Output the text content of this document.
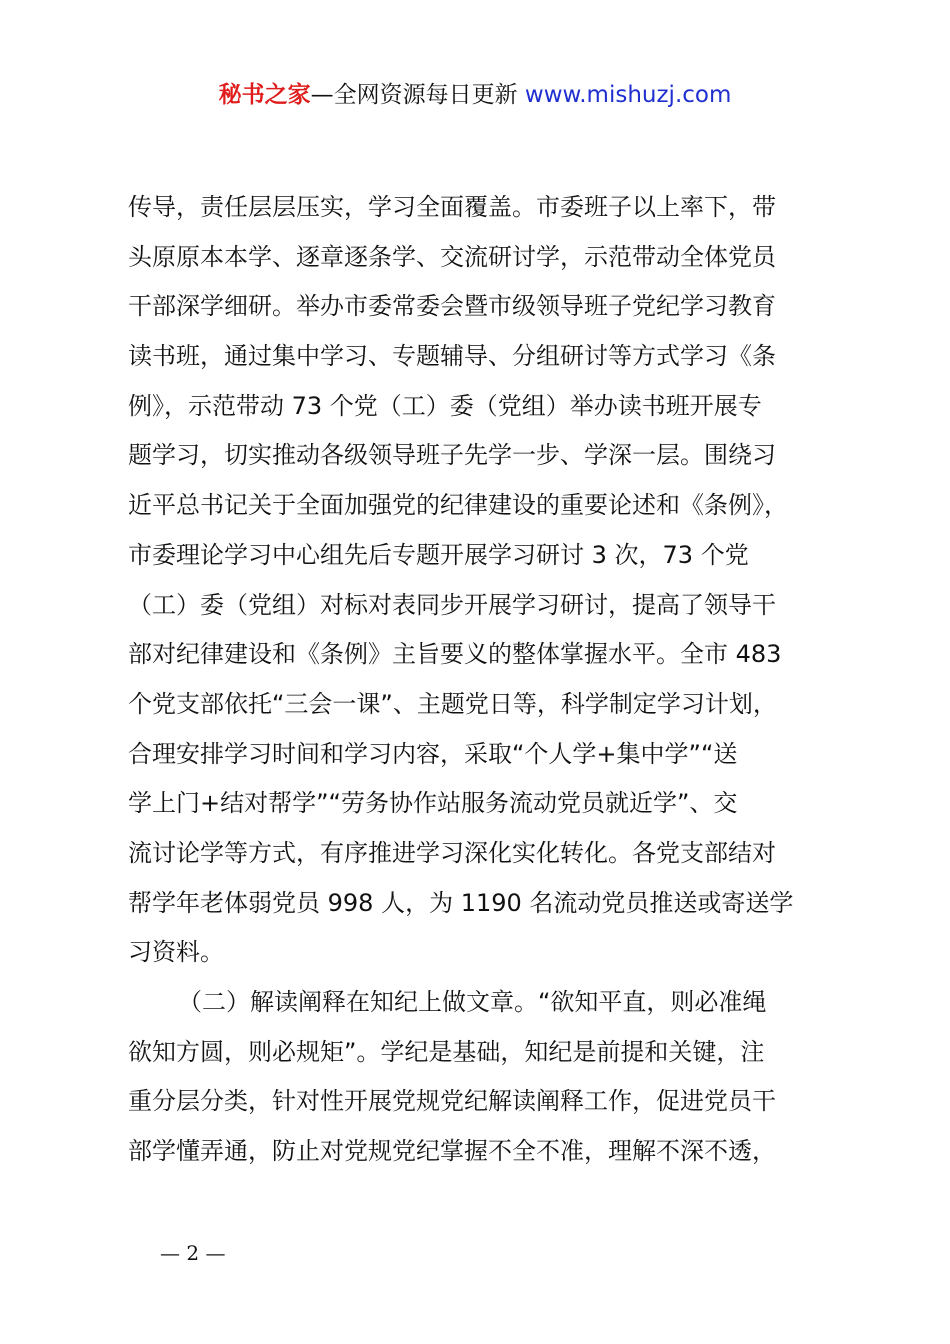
秘书之家—全网资源每日更新 www.mishuzj.com
传导，责任层层压实，学习全面覆盖。市委班子以上率下，带
头原原本本学、逐章逐条学、交流研讨学，示范带动全体党员
干部深学细研。举办市委常委会暨市级领导班子党纪学习教育
读书班，通过集中学习、专题辅导、分组研讨等方式学习《条
例》，示范带动 73 个党（工）委（党组）举办读书班开展专
题学习，切实推动各级领导班子先学一步、学深一层。围绕习
近平总书记关于全面加强党的纪律建设的重要论述和《条例》，
市委理论学习中心组先后专题开展学习研讨 3 次，73 个党
（工）委（党组）对标对表同步开展学习研讨，提高了领导干
部对纪律建设和《条例》主旨要义的整体掌握水平。全市 483
个党支部依托“三会一课”、主题党日等，科学制定学习计划，
合理安排学习时间和学习内容，采取“个人学+集中学”“送
学上门+结对帮学”“劳务协作站服务流动党员就近学”、交
流讨论学等方式，有序推进学习深化实化转化。各党支部结对
帮学年老体弱党员 998 人，为 1190 名流动党员推送或寄送学
习资料。
（二）解读阐释在知纪上做文章。“欲知平直，则必准绳
欲知方圆，则必规矩”。学纪是基础，知纪是前提和关键，注
重分层分类，针对性开展党规党纪解读阐释工作，促进党员干
部学懂弄通，防止对党规党纪掌握不全不准，理解不深不透，
— 2 —
